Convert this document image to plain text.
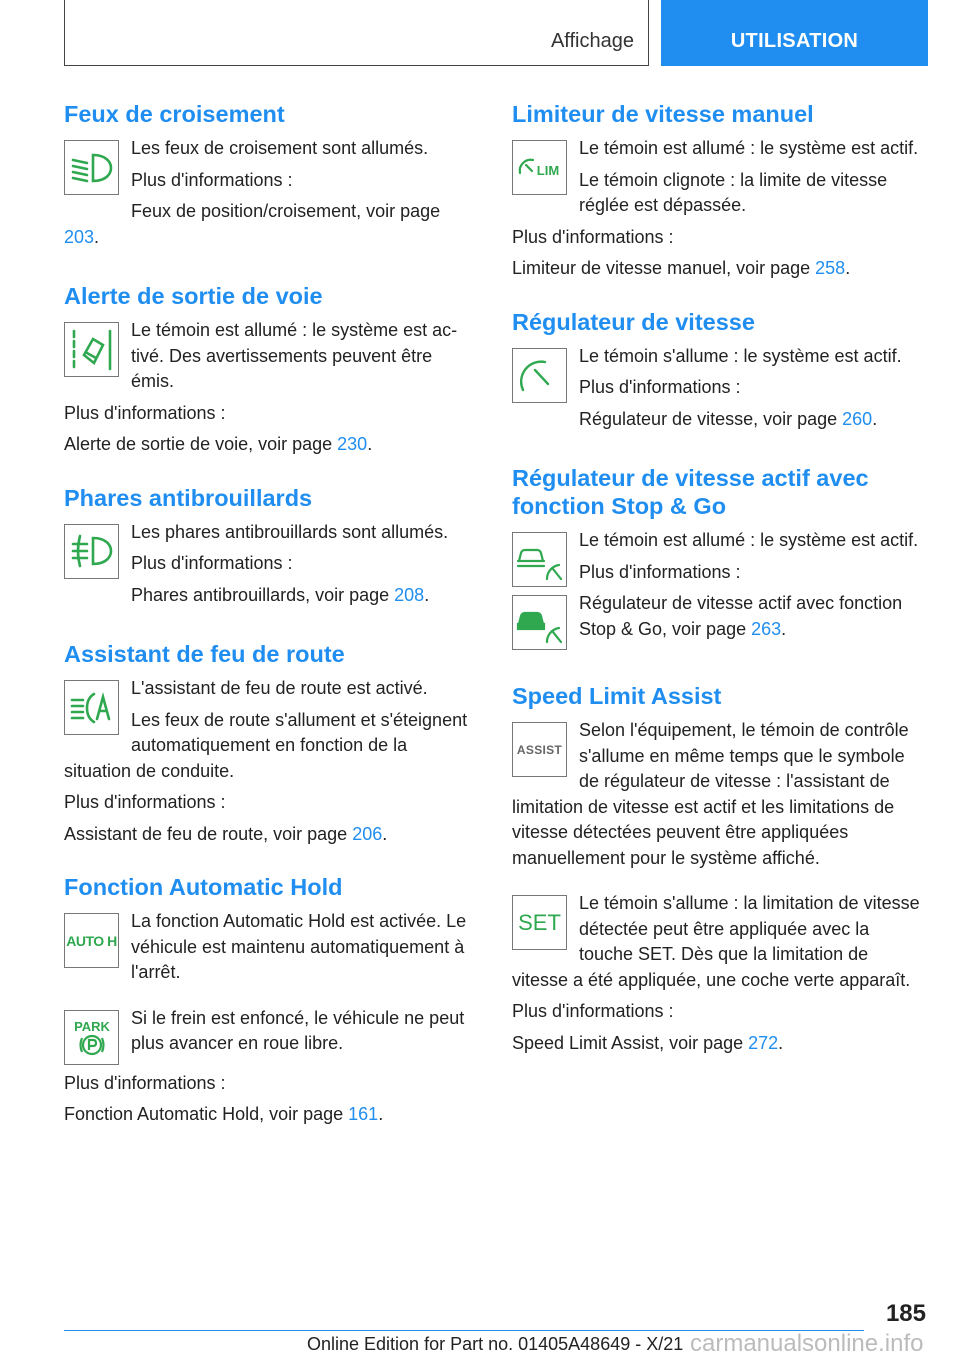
Affichage	UTILISATION
Feux de croisement

Les feux de croisement sont allumés.

Plus d'informations :

Feux de position/croisement, voir page 203.

Alerte de sortie de voie

Le témoin est allumé : le système est activé. Des avertissements peuvent être émis.

Plus d'informations :

Alerte de sortie de voie, voir page 230.

Phares antibrouillards

Les phares antibrouillards sont allumés.

Plus d'informations :

Phares antibrouillards, voir page 208.

Assistant de feu de route

L'assistant de feu de route est activé.

Les feux de route s'allument et s'éteignent automatiquement en fonction de la situation de conduite.

Plus d'informations :

Assistant de feu de route, voir page 206.

Fonction Automatic Hold
AUTO H

La fonction Automatic Hold est activée. Le véhicule est maintenu automatiquement à l'arrêt.

PARK	Si le frein est enfoncé, le véhicule ne peut plus avancer en roue libre.

Plus d'informations :

Fonction Automatic Hold, voir page 161.

Limiteur de vitesse manuel
LIM

Le témoin est allumé : le système est actif.

Le témoin clignote : la limite de vitesse réglée est dépassée.

Plus d'informations :

Limiteur de vitesse manuel, voir page 258.

Régulateur de vitesse

Le témoin s'allume : le système est actif.

Plus d'informations :

Régulateur de vitesse, voir page 260.

Régulateur de vitesse actif avec fonction Stop & Go

Le témoin est allumé : le système est actif.

Plus d'informations :

Régulateur de vitesse actif avec fonction Stop & Go, voir page 263.

Speed Limit Assist
ASSIST

Selon l'équipement, le témoin de contrôle s'allume en même temps que le symbole de régulateur de vitesse : l'assistant de limitation de vitesse est actif et les limitations de vitesse détectées peuvent être appliquées manuellement pour le système affiché.

SET

Le témoin s'allume : la limitation de vitesse détectée peut être appliquée avec la touche SET. Dès que la limitation de vitesse a été appliquée, une coche verte apparaît.

Plus d'informations :

Speed Limit Assist, voir page 272.

185
Online Edition for Part no. 01405A48649 - X/21 carmanualsonline.info
